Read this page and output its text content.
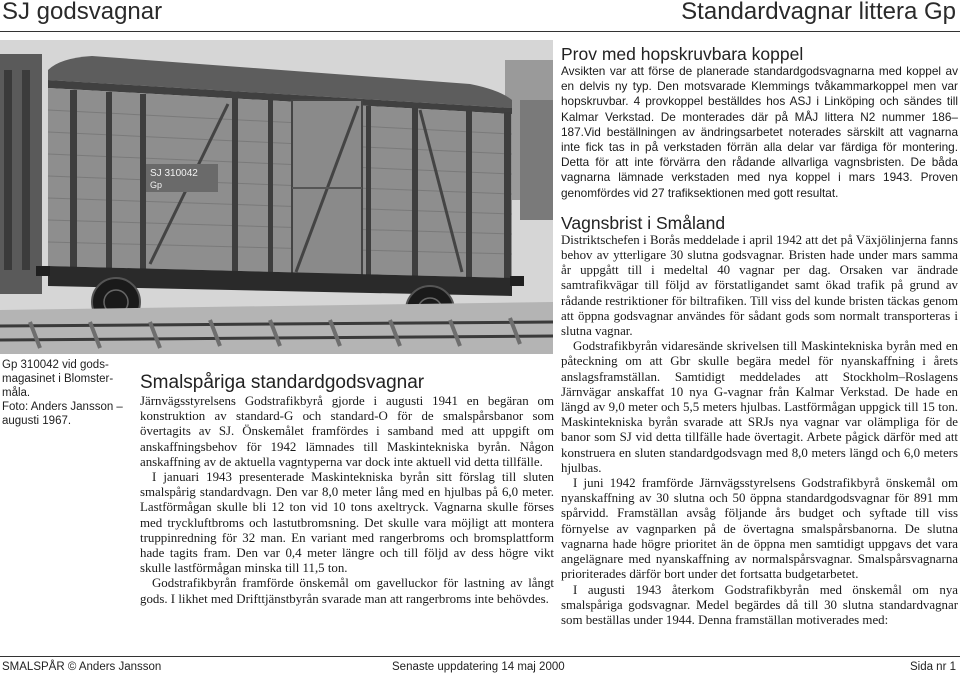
SJ godsvagnar	Standardvagnar littera Gp
SJ 310042
Gp
Gp 310042 vid gods-
magasinet i Blomster-
måla.
Foto: Anders Jansson –
augusti 1967.
Smalspåriga standardgodsvagnar

Järnvägsstyrelsens Godstrafikbyrå gjorde i augusti 1941 en begäran om konstruktion av standard-G och standard-O för de smalspårsbanor som övertagits av SJ. Önskemålet framfördes i samband med att uppgift om anskaffningsbehov för 1942 lämnades till Maskintekniska byrån. Någon anskaffning av de aktuella vagntyperna var dock inte aktuell vid detta tillfälle.

I januari 1943 presenterade Maskintekniska byrån sitt förslag till sluten smalspårig standardvagn. Den var 8,0 meter lång med en hjulbas på 6,0 meter. Lastförmågan skulle bli 12 ton vid 10 tons axeltryck. Vagnarna skulle förses med tryckluftbroms och lastutbromsning. Det skulle vara möjligt att montera truppinredning för 32 man. En variant med rangerbroms och bromsplattform hade tagits fram. Den var 0,4 meter längre och till följd av dess högre vikt skulle lastförmågan minska till 11,5 ton.

Godstrafikbyrån framförde önskemål om gavelluckor för lastning av långt gods. I likhet med Drifttjänstbyrån svarade man att rangerbroms inte behövdes.

Prov med hopskruvbara koppel

Avsikten var att förse de planerade standardgodsvagnarna med koppel av en delvis ny typ. Den motsvarade Klemmings tvåkammarkoppel men var hopskruvbar. 4 provkoppel beställdes hos ASJ i Linköping och sändes till Kalmar Verkstad. De monterades där på MÅJ littera N2 nummer 186–187.Vid beställningen av ändringsarbetet noterades särskilt att vagnarna inte fick tas in på verkstaden förrän alla delar var färdiga för montering. Detta för att inte förvärra den rådande allvarliga vagnsbristen. De båda vagnarna lämnade verkstaden med nya koppel i mars 1943. Proven genomfördes vid 27 trafiksektionen med gott resultat.

Vagnsbrist i Småland

Distriktschefen i Borås meddelade i april 1942 att det på Växjölinjerna fanns behov av ytterligare 30 slutna godsvagnar. Bristen hade under mars samma år uppgått till i medeltal 40 vagnar per dag. Orsaken var ändrade samtrafikvägar till följd av förstatligandet samt ökad trafik på grund av rådande restriktioner för biltrafiken. Till viss del kunde bristen täckas genom att öppna godsvagnar användes för sådant gods som normalt transporteras i slutna vagnar.

Godstrafikbyrån vidaresände skrivelsen till Maskintekniska byrån med en påteckning om att Gbr skulle begära medel för nyanskaffning i årets anslagsframställan. Samtidigt meddelades att Stockholm–Roslagens Järnvägar anskaffat 10 nya G-vagnar från Kalmar Verkstad. De hade en längd av 9,0 meter och 5,5 meters hjulbas. Lastförmågan uppgick till 15 ton. Maskintekniska byrån svarade att SRJs nya vagnar var olämpliga för de banor som SJ vid detta tillfälle hade övertagit. Arbete pågick därför med att konstruera en sluten standardgodsvagn med 8,0 meters längd och 6,0 meters hjulbas.

I juni 1942 framförde Järnvägsstyrelsens Godstrafikbyrå önskemål om nyanskaffning av 30 slutna och 50 öppna standardgodsvagnar för 891 mm spårvidd. Framställan avsåg följande års budget och syftade till viss förnyelse av vagnparken på de övertagna smalspårsbanorna. De slutna vagnarna hade högre prioritet än de öppna men samtidigt uppgavs det vara angelägnare med nyanskaffning av normalspårsvagnar. Smalspårsvagnarna prioriterades därför bort under det fortsatta budgetarbetet.

I augusti 1943 återkom Godstrafikbyrån med önskemål om nya smalspåriga godsvagnar. Medel begärdes då till 30 slutna standardvagnar som beställas under 1944. Denna framställan motiverades med:

SMALSPÅR © Anders Jansson	Senaste uppdatering 14 maj 2000	Sida nr 1
